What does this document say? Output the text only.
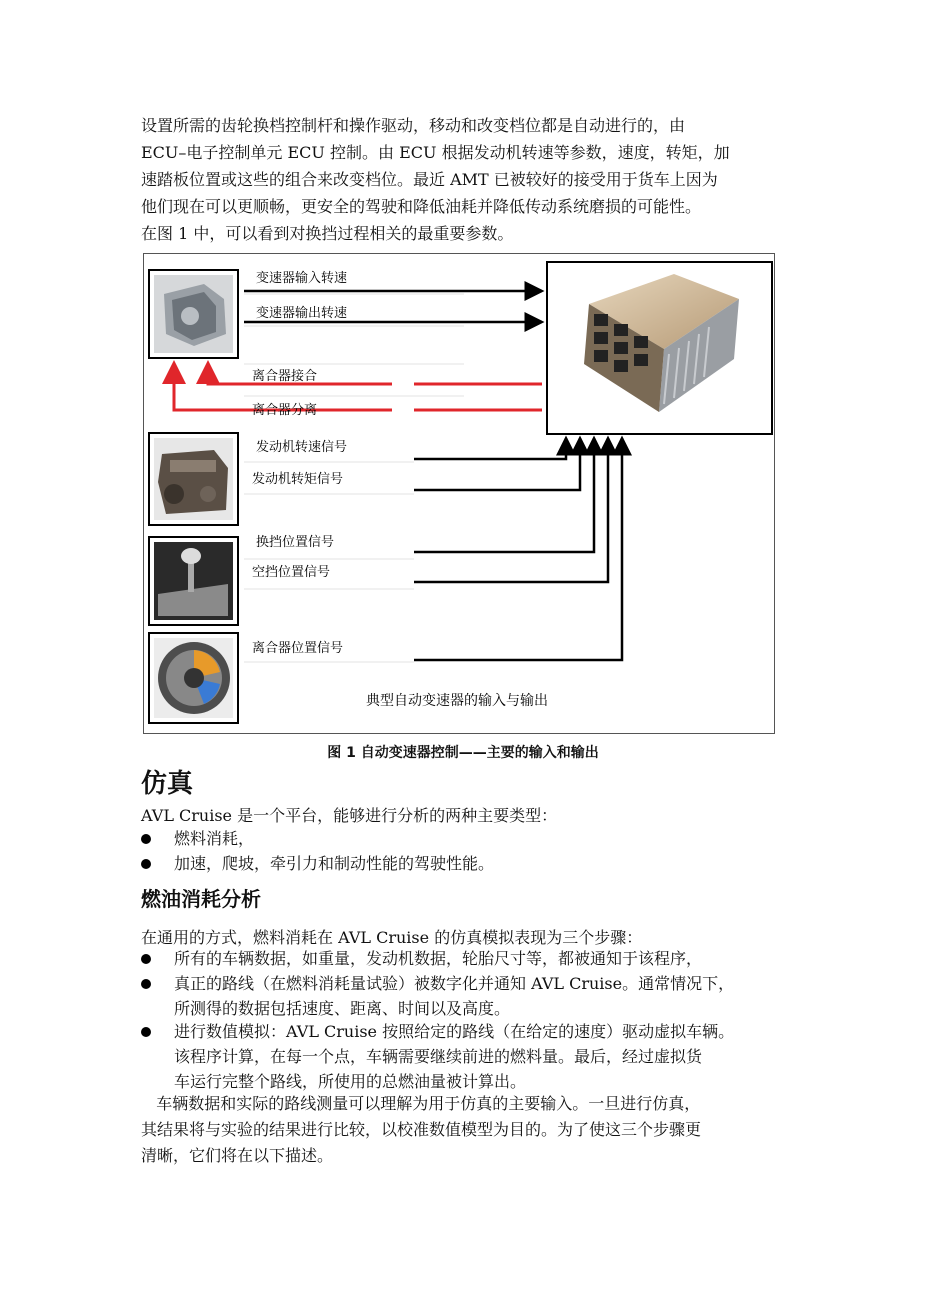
设置所需的齿轮换档控制杆和操作驱动，移动和改变档位都是自动进行的，由
ECU–电子控制单元 ECU 控制。由 ECU 根据发动机转速等参数，速度，转矩，加
速踏板位置或这些的组合来改变档位。最近 AMT 已被较好的接受用于货车上因为
他们现在可以更顺畅，更安全的驾驶和降低油耗并降低传动系统磨损的可能性。
在图 1 中，可以看到对换挡过程相关的最重要参数。
变速器输入转速
变速器输出转速
离合器接合
离合器分离
发动机转速信号
发动机转矩信号
换挡位置信号
空挡位置信号
离合器位置信号
典型自动变速器的输入与输出
图 1 自动变速器控制——主要的输入和输出
仿真
AVL Cruise 是一个平台，能够进行分析的两种主要类型：
燃料消耗，
加速，爬坡，牵引力和制动性能的驾驶性能。
燃油消耗分析
在通用的方式，燃料消耗在 AVL Cruise 的仿真模拟表现为三个步骤：
所有的车辆数据，如重量，发动机数据，轮胎尺寸等，都被通知于该程序，
真正的路线（在燃料消耗量试验）被数字化并通知 AVL Cruise。通常情况下，
所测得的数据包括速度、距离、时间以及高度。
进行数值模拟：AVL Cruise 按照给定的路线（在给定的速度）驱动虚拟车辆。
该程序计算，在每一个点，车辆需要继续前进的燃料量。最后，经过虚拟货
车运行完整个路线，所使用的总燃油量被计算出。
车辆数据和实际的路线测量可以理解为用于仿真的主要输入。一旦进行仿真，
其结果将与实验的结果进行比较，以校准数值模型为目的。为了使这三个步骤更
清晰，它们将在以下描述。
